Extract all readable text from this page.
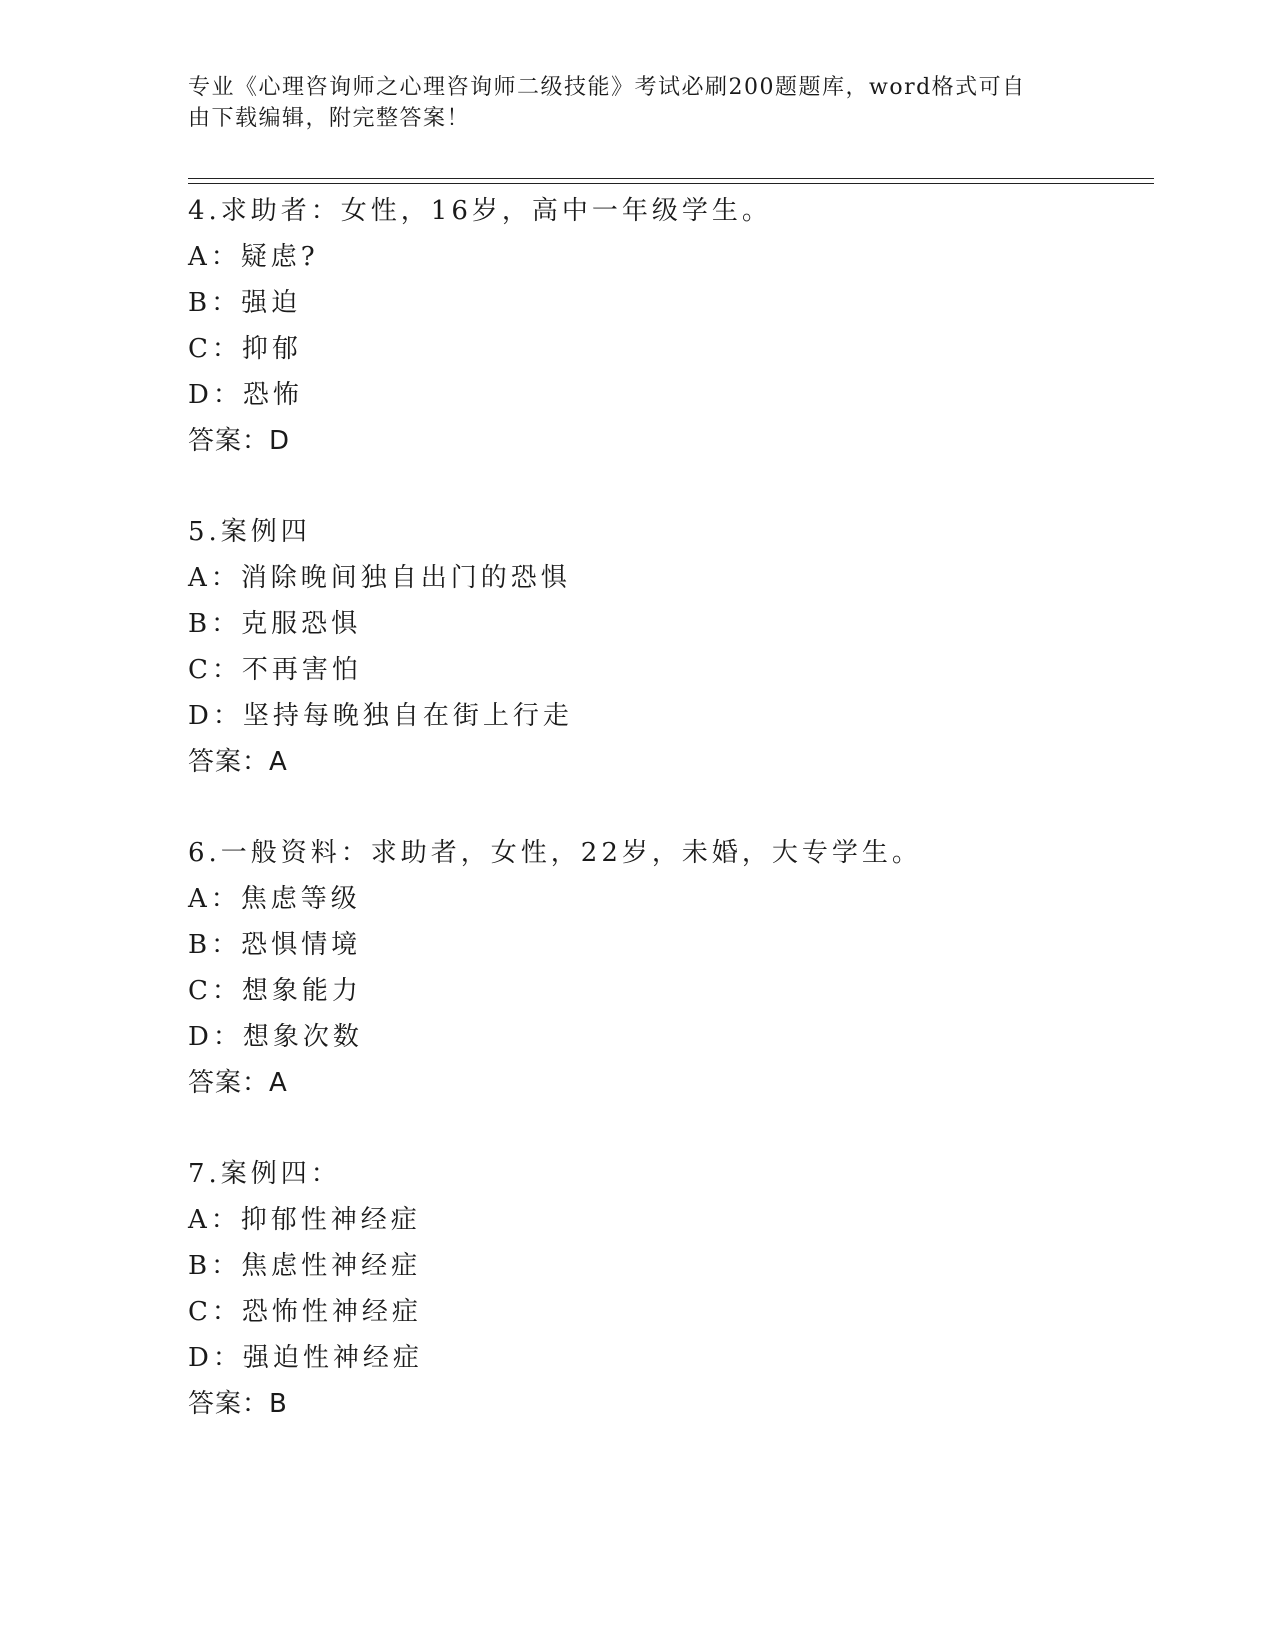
专业《心理咨询师之心理咨询师二级技能》考试必刷200题题库，word格式可自
由下载编辑，附完整答案！
4.求助者：女性，16岁，高中一年级学生。
A：疑虑?
B：强迫
C：抑郁
D：恐怖
答案：D
5.案例四
A：消除晚间独自出门的恐惧
B：克服恐惧
C：不再害怕
D：坚持每晚独自在街上行走
答案：A
6.一般资料：求助者，女性，22岁，未婚，大专学生。
A：焦虑等级
B：恐惧情境
C：想象能力
D：想象次数
答案：A
7.案例四：
A：抑郁性神经症
B：焦虑性神经症
C：恐怖性神经症
D：强迫性神经症
答案：B
